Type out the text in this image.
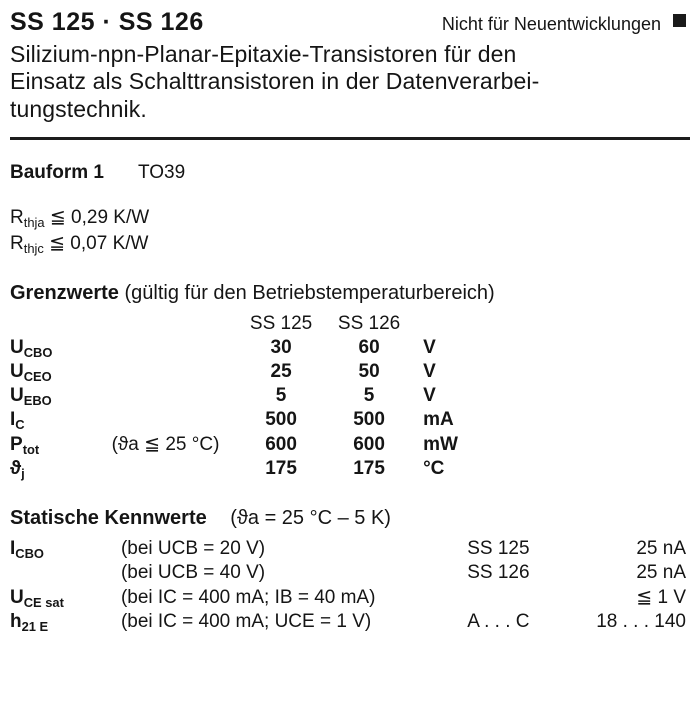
SS 125 · SS 126	Nicht für Neuentwicklungen
Silizium-npn-Planar-Epitaxie-Transistoren für den
Einsatz als Schalttransistoren in der Datenverarbei-
tungstechnik.
Bauform 1 TO39
$R_{thja}$ ≦ 0,29 K/W
$R_{thjc}$ ≦ 0,07 K/W
Grenzwerte (gültig für den Betriebstemperaturbereich)
		SS 125	SS 126	
$U_{CBO}$		30	60	V
$U_{CEO}$		25	50	V
$U_{EBO}$		5	5	V
$I_C$		500	500	mA
$P_{tot}$	(ϑa ≦ 25 °C)	600	600	mW
$ϑ_j$		175	175	°C
Statische Kennwerte (ϑa = 25 °C – 5 K)
$I_{CBO}$	(bei UCB = 20 V)	SS 125	25 nA
	(bei UCB = 40 V)	SS 126	25 nA
$U_{CE sat}$	(bei IC = 400 mA; IB = 40 mA)		≦ 1 V
$h_{21 E}$	(bei IC = 400 mA; UCE = 1 V)	A . . . C	18 . . . 140
